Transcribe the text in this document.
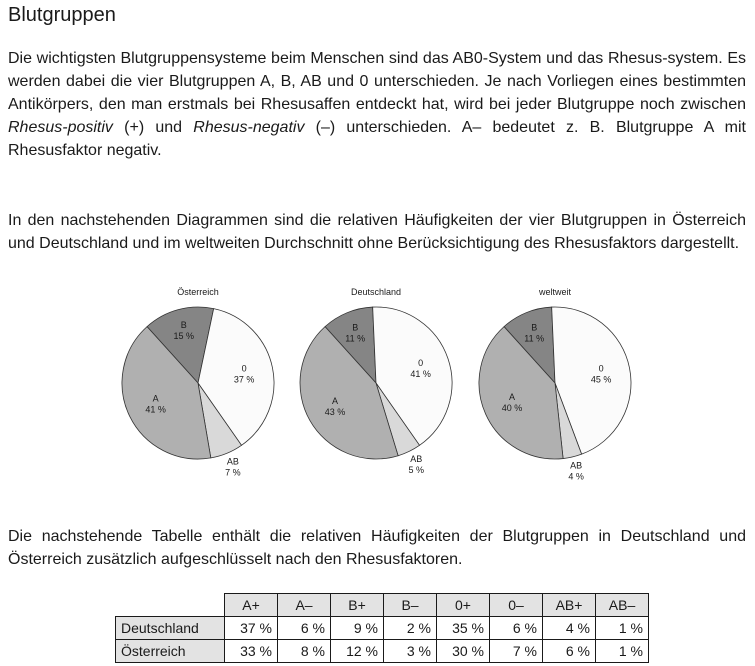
Blutgruppen
Die wichtigsten Blutgruppensysteme beim Menschen sind das AB0-System und das Rhesus-system. Es werden dabei die vier Blutgruppen A, B, AB und 0 unterschieden. Je nach Vorliegen eines bestimmten Antikörpers, den man erstmals bei Rhesusaffen entdeckt hat, wird bei jeder Blutgruppe noch zwischen Rhesus-positiv (+) und Rhesus-negativ (–) unterschieden. A– bedeutet z. B. Blutgruppe A mit Rhesusfaktor negativ.
In den nachstehenden Diagrammen sind die relativen Häufigkeiten der vier Blutgruppen in Österreich und Deutschland und im weltweiten Durchschnitt ohne Berücksichtigung des Rhesusfaktors dargestellt.
Österreich
B
15 %
0
37 %
AB
7 %
A
41 %
Deutschland
B
11 %
0
41 %
AB
5 %
A
43 %
weltweit
B
11 %
0
45 %
AB
4 %
A
40 %
Die nachstehende Tabelle enthält die relativen Häufigkeiten der Blutgruppen in Deutschland und Österreich zusätzlich aufgeschlüsselt nach den Rhesusfaktoren.
	A+	A–	B+	B–	0+	0–	AB+	AB–
Deutschland	37 %	6 %	9 %	2 %	35 %	6 %	4 %	1 %
Österreich	33 %	8 %	12 %	3 %	30 %	7 %	6 %	1 %
